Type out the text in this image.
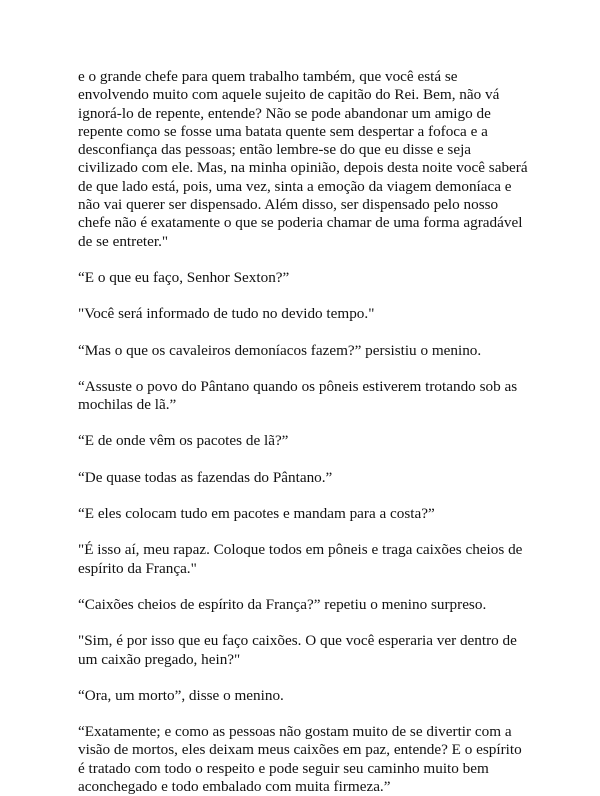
e o grande chefe para quem trabalho também, que você está se envolvendo muito com aquele sujeito de capitão do Rei. Bem, não vá ignorá-lo de repente, entende? Não se pode abandonar um amigo de repente como se fosse uma batata quente sem despertar a fofoca e a desconfiança das pessoas; então lembre-se do que eu disse e seja civilizado com ele. Mas, na minha opinião, depois desta noite você saberá de que lado está, pois, uma vez, sinta a emoção da viagem demoníaca e não vai querer ser dispensado. Além disso, ser dispensado pelo nosso chefe não é exatamente o que se poderia chamar de uma forma agradável de se entreter."

“E o que eu faço, Senhor Sexton?”

"Você será informado de tudo no devido tempo."

“Mas o que os cavaleiros demoníacos fazem?” persistiu o menino.

“Assuste o povo do Pântano quando os pôneis estiverem trotando sob as mochilas de lã.”

“E de onde vêm os pacotes de lã?”

“De quase todas as fazendas do Pântano.”

“E eles colocam tudo em pacotes e mandam para a costa?”

"É isso aí, meu rapaz. Coloque todos em pôneis e traga caixões cheios de espírito da França."

“Caixões cheios de espírito da França?” repetiu o menino surpreso.

"Sim, é por isso que eu faço caixões. O que você esperaria ver dentro de um caixão pregado, hein?"

“Ora, um morto”, disse o menino.

“Exatamente; e como as pessoas não gostam muito de se divertir com a visão de mortos, eles deixam meus caixões em paz, entende? E o espírito é tratado com todo o respeito e pode seguir seu caminho muito bem aconchegado e todo embalado com muita firmeza.”
